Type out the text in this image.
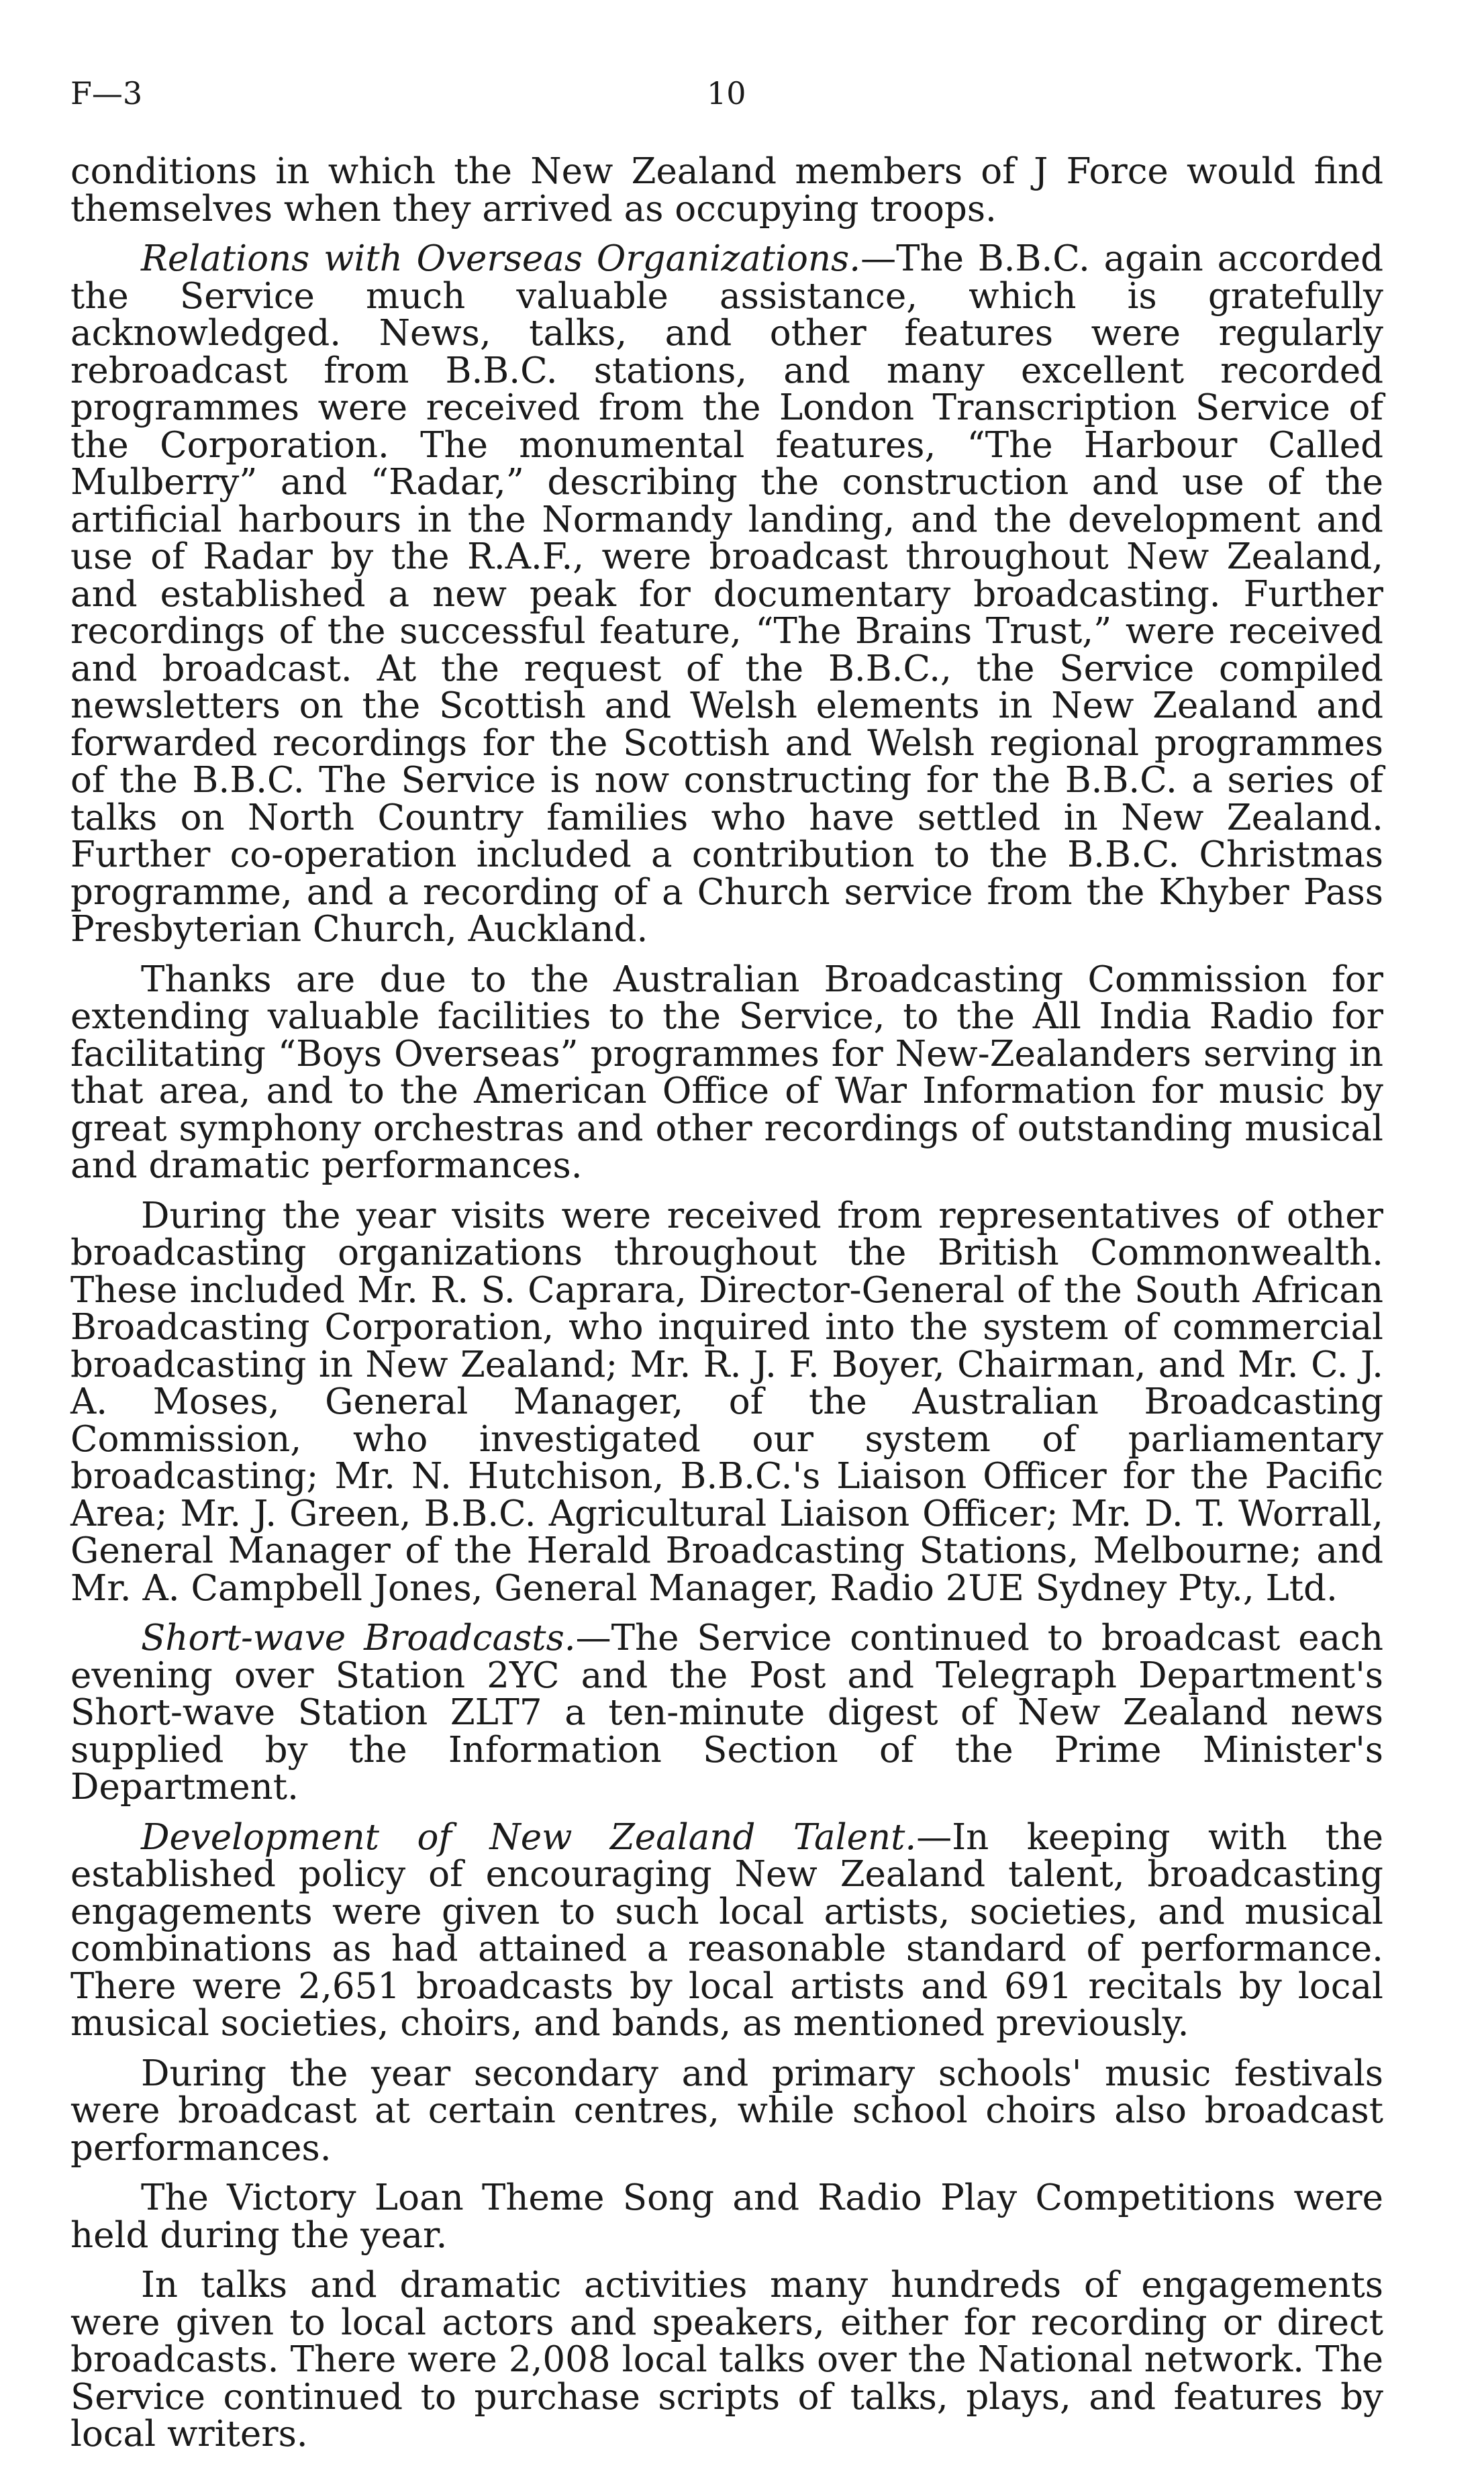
F—3	10

conditions in which the New Zealand members of J Force would find themselves when they arrived as occupying troops.

Relations with Overseas Organizations.—The B.B.C. again accorded the Service much valuable assistance, which is gratefully acknowledged. News, talks, and other features were regularly rebroadcast from B.B.C. stations, and many excellent recorded programmes were received from the London Transcription Service of the Corporation. The monumental features, “The Harbour Called Mulberry” and “Radar,” describing the construction and use of the artificial harbours in the Normandy landing, and the development and use of Radar by the R.A.F., were broadcast throughout New Zealand, and established a new peak for documentary broadcasting. Further recordings of the successful feature, “The Brains Trust,” were received and broadcast. At the request of the B.B.C., the Service compiled newsletters on the Scottish and Welsh elements in New Zealand and forwarded recordings for the Scottish and Welsh regional programmes of the B.B.C. The Service is now constructing for the B.B.C. a series of talks on North Country families who have settled in New Zealand. Further co-operation included a contribution to the B.B.C. Christmas programme, and a recording of a Church service from the Khyber Pass Presbyterian Church, Auckland.

Thanks are due to the Australian Broadcasting Commission for extending valuable facilities to the Service, to the All India Radio for facilitating “Boys Overseas” programmes for New-Zealanders serving in that area, and to the American Office of War Information for music by great symphony orchestras and other recordings of outstanding musical and dramatic performances.

During the year visits were received from representatives of other broadcasting organizations throughout the British Commonwealth. These included Mr. R. S. Caprara, Director-General of the South African Broadcasting Corporation, who inquired into the system of commercial broadcasting in New Zealand; Mr. R. J. F. Boyer, Chairman, and Mr. C. J. A. Moses, General Manager, of the Australian Broadcasting Commission, who investigated our system of parliamentary broadcasting; Mr. N. Hutchison, B.B.C.'s Liaison Officer for the Pacific Area; Mr. J. Green, B.B.C. Agricultural Liaison Officer; Mr. D. T. Worrall, General Manager of the Herald Broadcasting Stations, Melbourne; and Mr. A. Campbell Jones, General Manager, Radio 2UE Sydney Pty., Ltd.

Short-wave Broadcasts.—The Service continued to broadcast each evening over Station 2YC and the Post and Telegraph Department's Short-wave Station ZLT7 a ten-minute digest of New Zealand news supplied by the Information Section of the Prime Minister's Department.

Development of New Zealand Talent.—In keeping with the established policy of encouraging New Zealand talent, broadcasting engagements were given to such local artists, societies, and musical combinations as had attained a reasonable standard of performance. There were 2,651 broadcasts by local artists and 691 recitals by local musical societies, choirs, and bands, as mentioned previously.

During the year secondary and primary schools' music festivals were broadcast at certain centres, while school choirs also broadcast performances.

The Victory Loan Theme Song and Radio Play Competitions were held during the year.

In talks and dramatic activities many hundreds of engagements were given to local actors and speakers, either for recording or direct broadcasts. There were 2,008 local talks over the National network. The Service continued to purchase scripts of talks, plays, and features by local writers.
